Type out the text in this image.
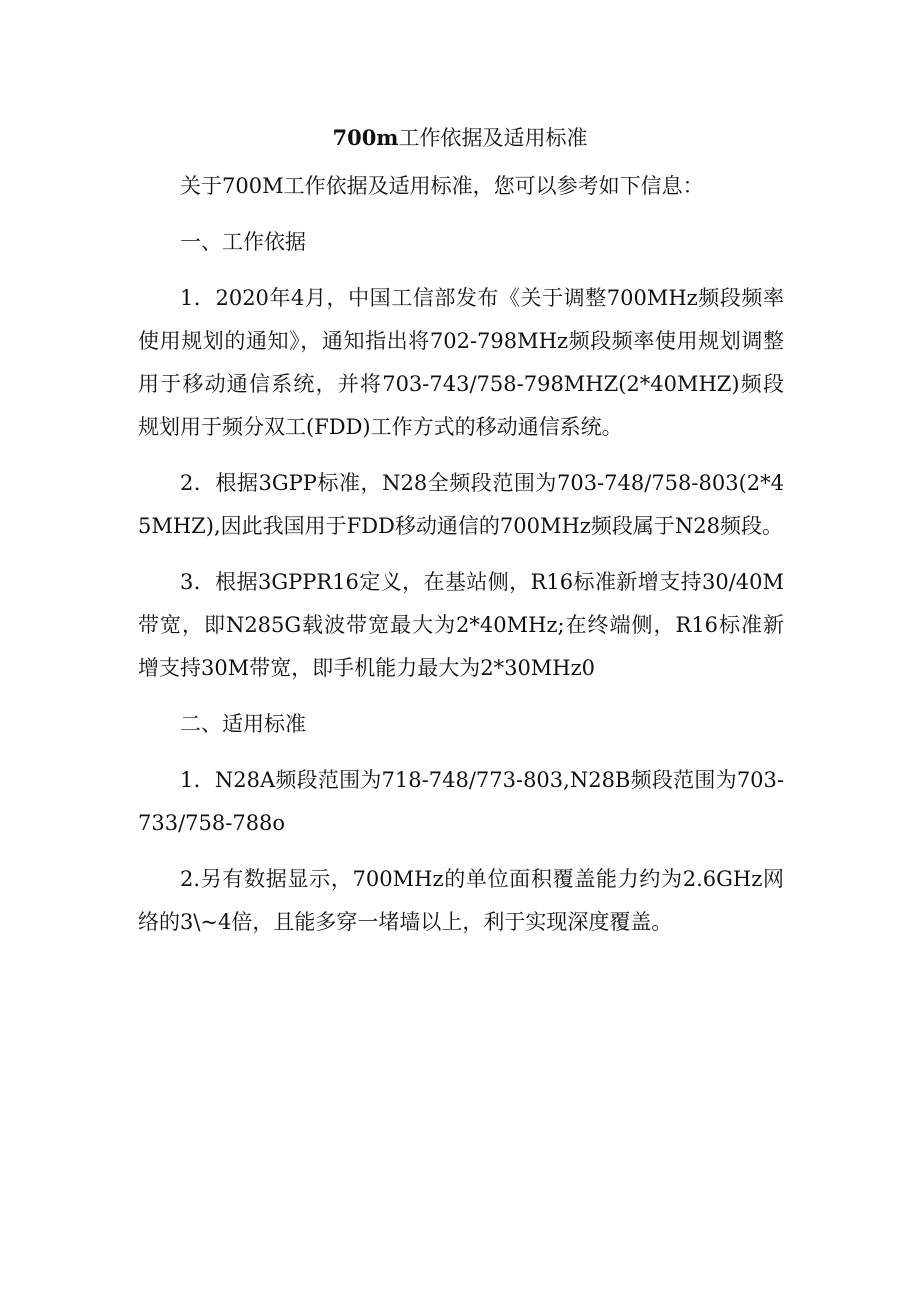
700m工作依据及适用标准

关于700M工作依据及适用标准，您可以参考如下信息：

一、工作依据

1．2020年4月，中国工信部发布《关于调整700MHz频段频率使用规划的通知》，通知指出将702-798MHz频段频率使用规划调整用于移动通信系统，并将703-743/758-798MHZ(2*40MHZ)频段规划用于频分双工(FDD)工作方式的移动通信系统。

2．根据3GPP标准，N28全频段范围为703-748/758-803(2*45MHZ),因此我国用于FDD移动通信的700MHz频段属于N28频段。

3．根据3GPPR16定义，在基站侧，R16标准新增支持30/40M带宽，即N285G载波带宽最大为2*40MHz;在终端侧，R16标准新增支持30M带宽，即手机能力最大为2*30MHz0

二、适用标准

1．N28A频段范围为718-748/773-803,N28B频段范围为703-733/758-788o

2.另有数据显示，700MHz的单位面积覆盖能力约为2.6GHz网络的3\~4倍，且能多穿一堵墙以上，利于实现深度覆盖。
